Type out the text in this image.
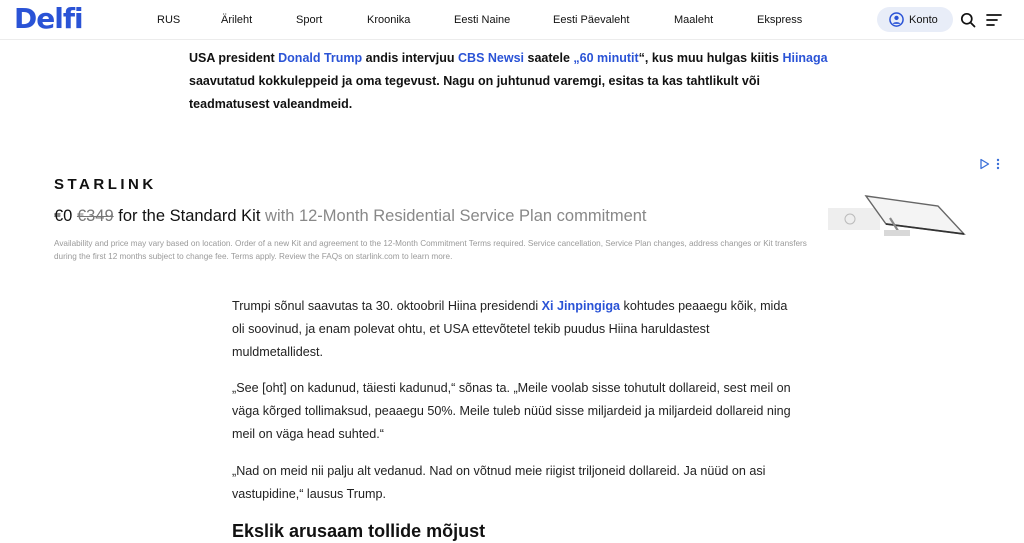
Delfi	RUS	Ärileht	Sport	Kroonika	Eesti Naine	Eesti Päevaleht	Maaleht	Ekspress	Konto

USA president Donald Trump andis intervjuu CBS Newsi saatele „60 minutit“, kus muu hulgas kiitis Hiinaga saavutatud kokkuleppeid ja oma tegevust. Nagu on juhtunud varemgi, esitas ta kas tahtlikult või teadmatusest valeandmeid.

STARLINK
€0 €349 for the Standard Kit with 12-Month Residential Service Plan commitment
Availability and price may vary based on location. Order of a new Kit and agreement to the 12-Month Commitment Terms required. Service cancellation, Service Plan changes, address changes or Kit transfers during the first 12 months subject to change fee. Terms apply. Review the FAQs on starlink.com to learn more.

Trumpi sõnul saavutas ta 30. oktoobril Hiina presidendi Xi Jinpingiga kohtudes peaaegu kõik, mida oli soovinud, ja enam polevat ohtu, et USA ettevõtetel tekib puudus Hiina haruldastest muldmetallidest.

„See [oht] on kadunud, täiesti kadunud,“ sõnas ta. „Meile voolab sisse tohutult dollareid, sest meil on väga kõrged tollimaksud, peaaegu 50%. Meile tuleb nüüd sisse miljardeid ja miljardeid dollareid ning meil on väga head suhted.“

„Nad on meid nii palju alt vedanud. Nad on võtnud meie riigist triljoneid dollareid. Ja nüüd on asi vastupidine,“ lausus Trump.

Ekslik arusaam tollide mõjust
